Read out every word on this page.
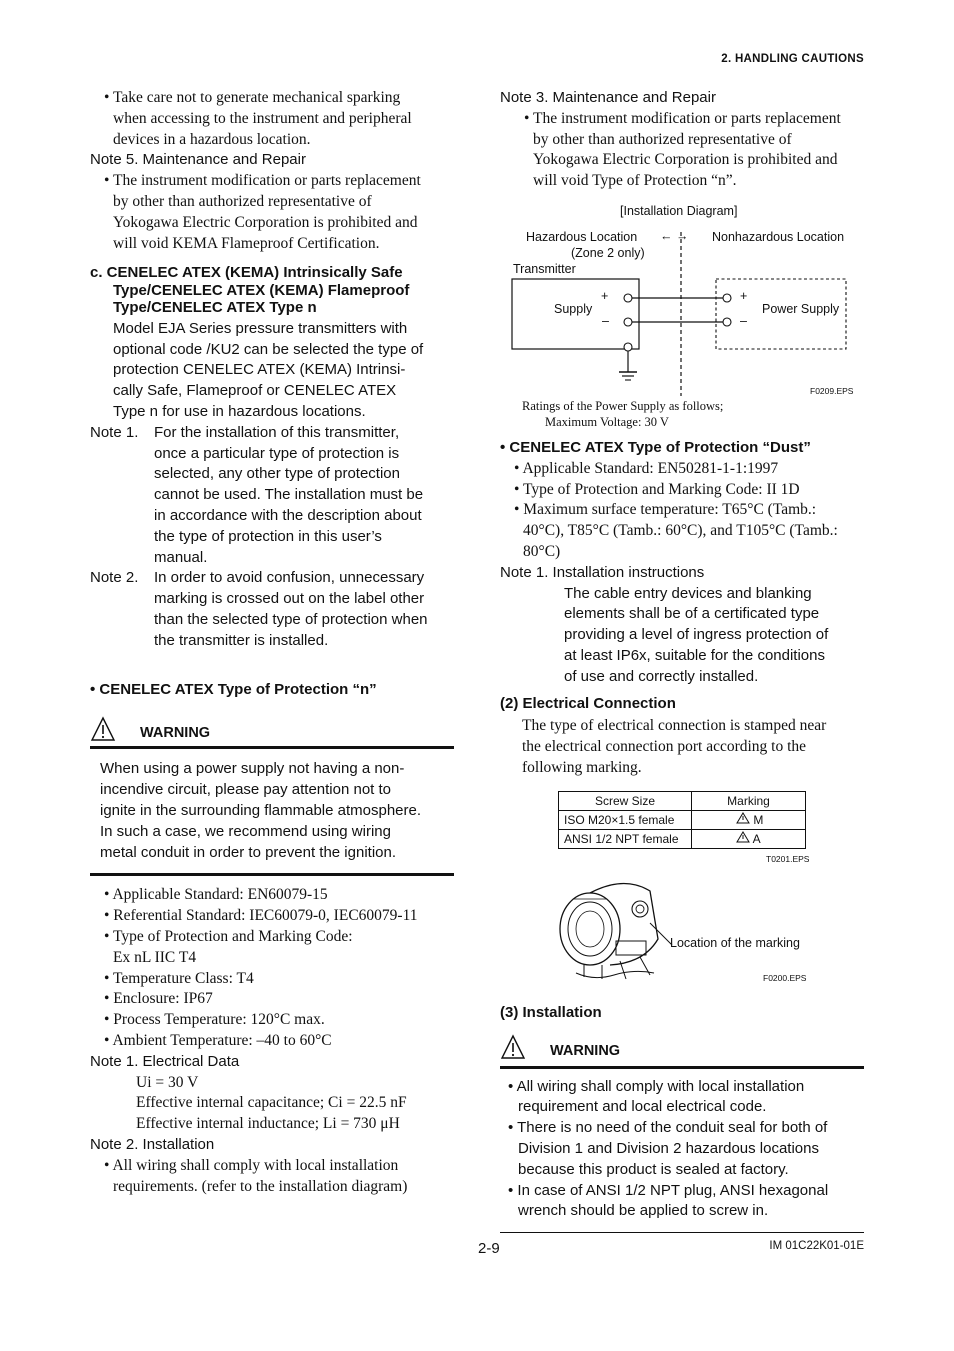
2. HANDLING CAUTIONS
• Take care not to generate mechanical sparking
when accessing to the instrument and peripheral
devices in a hazardous location.
Note 5. Maintenance and Repair
• The instrument modification or parts replacement
by other than authorized representative of
Yokogawa Electric Corporation is prohibited and
will void KEMA Flameproof Certification.
c. CENELEC ATEX (KEMA) Intrinsically Safe
Type/CENELEC ATEX (KEMA) Flameproof
Type/CENELEC ATEX Type n
Model EJA Series pressure transmitters with
optional code /KU2 can be selected the type of
protection CENELEC ATEX (KEMA) Intrinsi-
cally Safe, Flameproof or CENELEC ATEX
Type n for use in hazardous locations.
Note 1. For the installation of this transmitter,
once a particular type of protection is
selected, any other type of protection
cannot be used. The installation must be
in accordance with the description about
the type of protection in this user’s
manual.
Note 2. In order to avoid confusion, unnecessary
marking is crossed out on the label other
than the selected type of protection when
the transmitter is installed.
• CENELEC ATEX Type of Protection “n”
WARNING
When using a power supply not having a non-
incendive circuit, please pay attention not to
ignite in the surrounding flammable atmosphere.
In such a case, we recommend using wiring
metal conduit in order to prevent the ignition.
• Applicable Standard: EN60079-15
• Referential Standard: IEC60079-0, IEC60079-11
• Type of Protection and Marking Code:
Ex nL IIC T4
• Temperature Class: T4
• Enclosure: IP67
• Process Temperature: 120°C max.
• Ambient Temperature: –40 to 60°C
Note 1. Electrical Data
Ui = 30 V
Effective internal capacitance; Ci = 22.5 nF
Effective internal inductance; Li = 730 μH
Note 2. Installation
• All wiring shall comply with local installation
requirements. (refer to the installation diagram)
Note 3. Maintenance and Repair
• The instrument modification or parts replacement
by other than authorized representative of
Yokogawa Electric Corporation is prohibited and
will void Type of Protection “n”.
[Installation Diagram]
Hazardous Location
(Zone 2 only)
← → Nonhazardous Location
Transmitter
+
–
Supply
+
–
Power Supply
F0209.EPS
Ratings of the Power Supply as follows;
Maximum Voltage: 30 V
• CENELEC ATEX Type of Protection “Dust”
• Applicable Standard: EN50281-1-1:1997
• Type of Protection and Marking Code: II 1D
• Maximum surface temperature: T65°C (Tamb.:
40°C), T85°C (Tamb.: 60°C), and T105°C (Tamb.:
80°C)
Note 1. Installation instructions
The cable entry devices and blanking
elements shall be of a certificated type
providing a level of ingress protection of
at least IP6x, suitable for the conditions
of use and correctly installed.
(2) Electrical Connection
The type of electrical connection is stamped near
the electrical connection port according to the
following marking.
Screw Size	Marking
ISO M20×1.5 female	M
ANSI 1/2 NPT female	A
T0201.EPS
Location of the marking
F0200.EPS
(3) Installation
WARNING
• All wiring shall comply with local installation
requirement and local electrical code.
• There is no need of the conduit seal for both of
Division 1 and Division 2 hazardous locations
because this product is sealed at factory.
• In case of ANSI 1/2 NPT plug, ANSI hexagonal
wrench should be applied to screw in.
2-9	IM 01C22K01-01E
